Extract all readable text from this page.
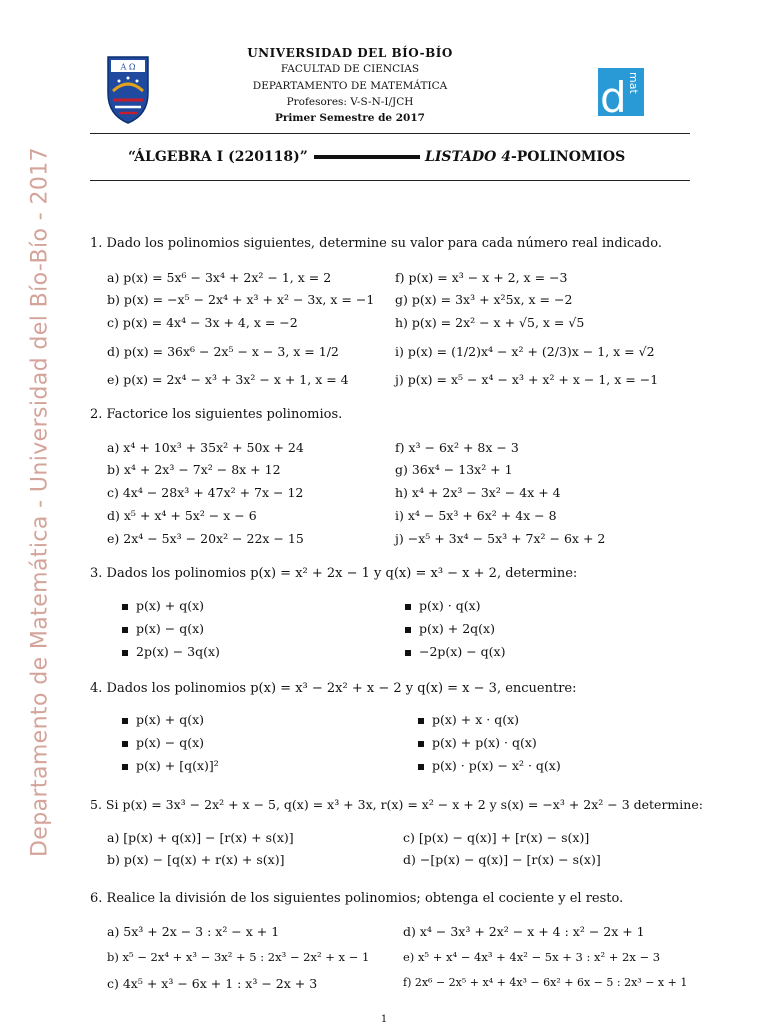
Departamento de Matemática - Universidad del Bío-Bío - 2017
A Ω
d mat
UNIVERSIDAD DEL BÍO-BÍO
FACULTAD DE CIENCIAS
DEPARTAMENTO DE MATEMÁTICA
Profesores: V-S-N-I/JCH
Primer Semestre de 2017
“ÁLGEBRA I (220118)”	LISTADO 4-POLINOMIOS
1. Dado los polinomios siguientes, determine su valor para cada número real indicado.
a) p(x) = 5x⁶ − 3x⁴ + 2x² − 1, x = 2
b) p(x) = −x⁵ − 2x⁴ + x³ + x² − 3x, x = −1
c) p(x) = 4x⁴ − 3x + 4, x = −2
d) p(x) = 36x⁶ − 2x⁵ − x − 3, x = 1/2
e) p(x) = 2x⁴ − x³ + 3x² − x + 1, x = 4
f) p(x) = x³ − x + 2, x = −3
g) p(x) = 3x³ + x²5x, x = −2
h) p(x) = 2x² − x + √5, x = √5
i) p(x) = (1/2)x⁴ − x² + (2/3)x − 1, x = √2
j) p(x) = x⁵ − x⁴ − x³ + x² + x − 1, x = −1
2. Factorice los siguientes polinomios.
a) x⁴ + 10x³ + 35x² + 50x + 24
b) x⁴ + 2x³ − 7x² − 8x + 12
c) 4x⁴ − 28x³ + 47x² + 7x − 12
d) x⁵ + x⁴ + 5x² − x − 6
e) 2x⁴ − 5x³ − 20x² − 22x − 15
f) x³ − 6x² + 8x − 3
g) 36x⁴ − 13x² + 1
h) x⁴ + 2x³ − 3x² − 4x + 4
i) x⁴ − 5x³ + 6x² + 4x − 8
j) −x⁵ + 3x⁴ − 5x³ + 7x² − 6x + 2
3. Dados los polinomios p(x) = x² + 2x − 1 y q(x) = x³ − x + 2, determine:
p(x) + q(x)
p(x) − q(x)
2p(x) − 3q(x)
p(x) · q(x)
p(x) + 2q(x)
−2p(x) − q(x)
4. Dados los polinomios p(x) = x³ − 2x² + x − 2 y q(x) = x − 3, encuentre:
p(x) + q(x)
p(x) − q(x)
p(x) + [q(x)]²
p(x) + x · q(x)
p(x) + p(x) · q(x)
p(x) · p(x) − x² · q(x)
5. Si p(x) = 3x³ − 2x² + x − 5, q(x) = x³ + 3x, r(x) = x² − x + 2 y s(x) = −x³ + 2x² − 3 determine:
a) [p(x) + q(x)] − [r(x) + s(x)]
b) p(x) − [q(x) + r(x) + s(x)]
c) [p(x) − q(x)] + [r(x) − s(x)]
d) −[p(x) − q(x)] − [r(x) − s(x)]
6. Realice la división de los siguientes polinomios; obtenga el cociente y el resto.
a) 5x³ + 2x − 3 : x² − x + 1
b) x⁵ − 2x⁴ + x³ − 3x² + 5 : 2x³ − 2x² + x − 1
c) 4x⁵ + x³ − 6x + 1 : x³ − 2x + 3
d) x⁴ − 3x³ + 2x² − x + 4 : x² − 2x + 1
e) x⁵ + x⁴ − 4x³ + 4x² − 5x + 3 : x² + 2x − 3
f) 2x⁶ − 2x⁵ + x⁴ + 4x³ − 6x² + 6x − 5 : 2x³ − x + 1
1
